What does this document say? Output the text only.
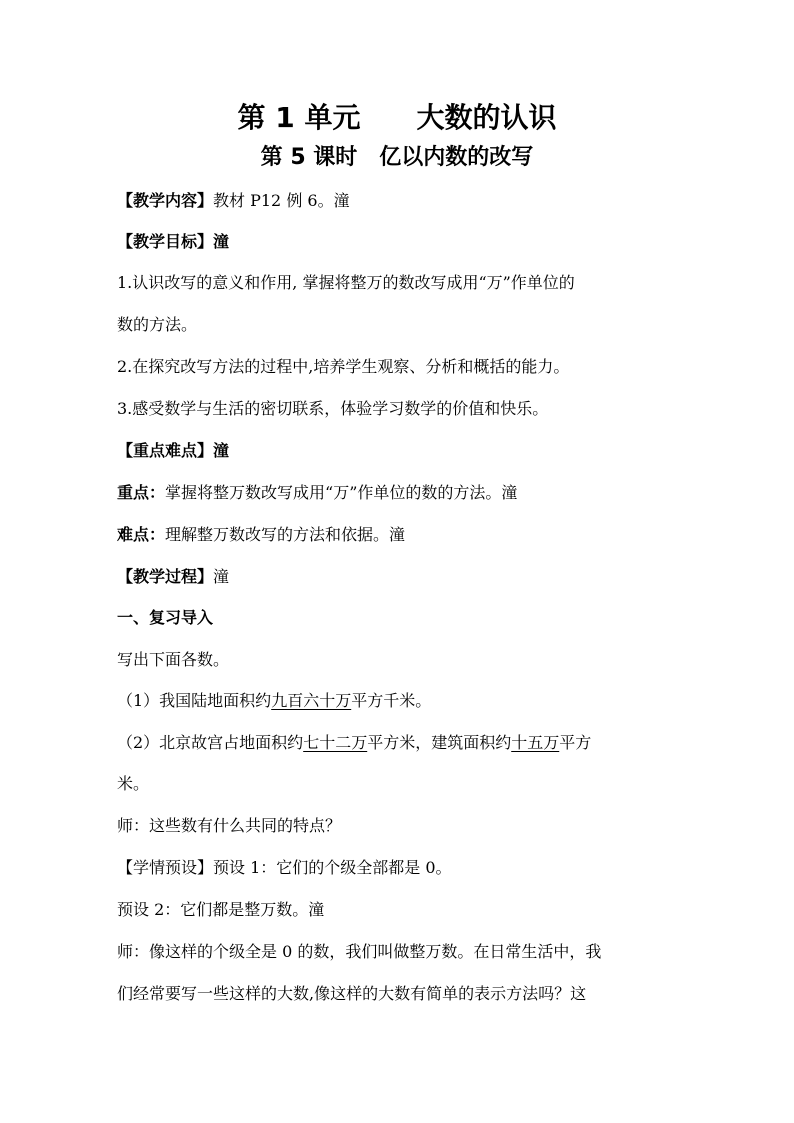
第 1 单元　　大数的认识
第 5 课时　亿以内数的改写
【教学内容】教材 P12 例 6。潼
【教学目标】潼
1.认识改写的意义和作用, 掌握将整万的数改写成用“万”作单位的
数的方法。
2.在探究改写方法的过程中,培养学生观察、分析和概括的能力。
3.感受数学与生活的密切联系，体验学习数学的价值和快乐。
【重点难点】潼
重点：掌握将整万数改写成用“万”作单位的数的方法。潼
难点：理解整万数改写的方法和依据。潼
【教学过程】潼
一、复习导入
写出下面各数。
（1）我国陆地面积约九百六十万平方千米。
（2）北京故宫占地面积约七十二万平方米，建筑面积约十五万平方
米。
师：这些数有什么共同的特点？
【学情预设】预设 1：它们的个级全部都是 0。
预设 2：它们都是整万数。潼
师：像这样的个级全是 0 的数，我们叫做整万数。在日常生活中，我
们经常要写一些这样的大数,像这样的大数有简单的表示方法吗？这
